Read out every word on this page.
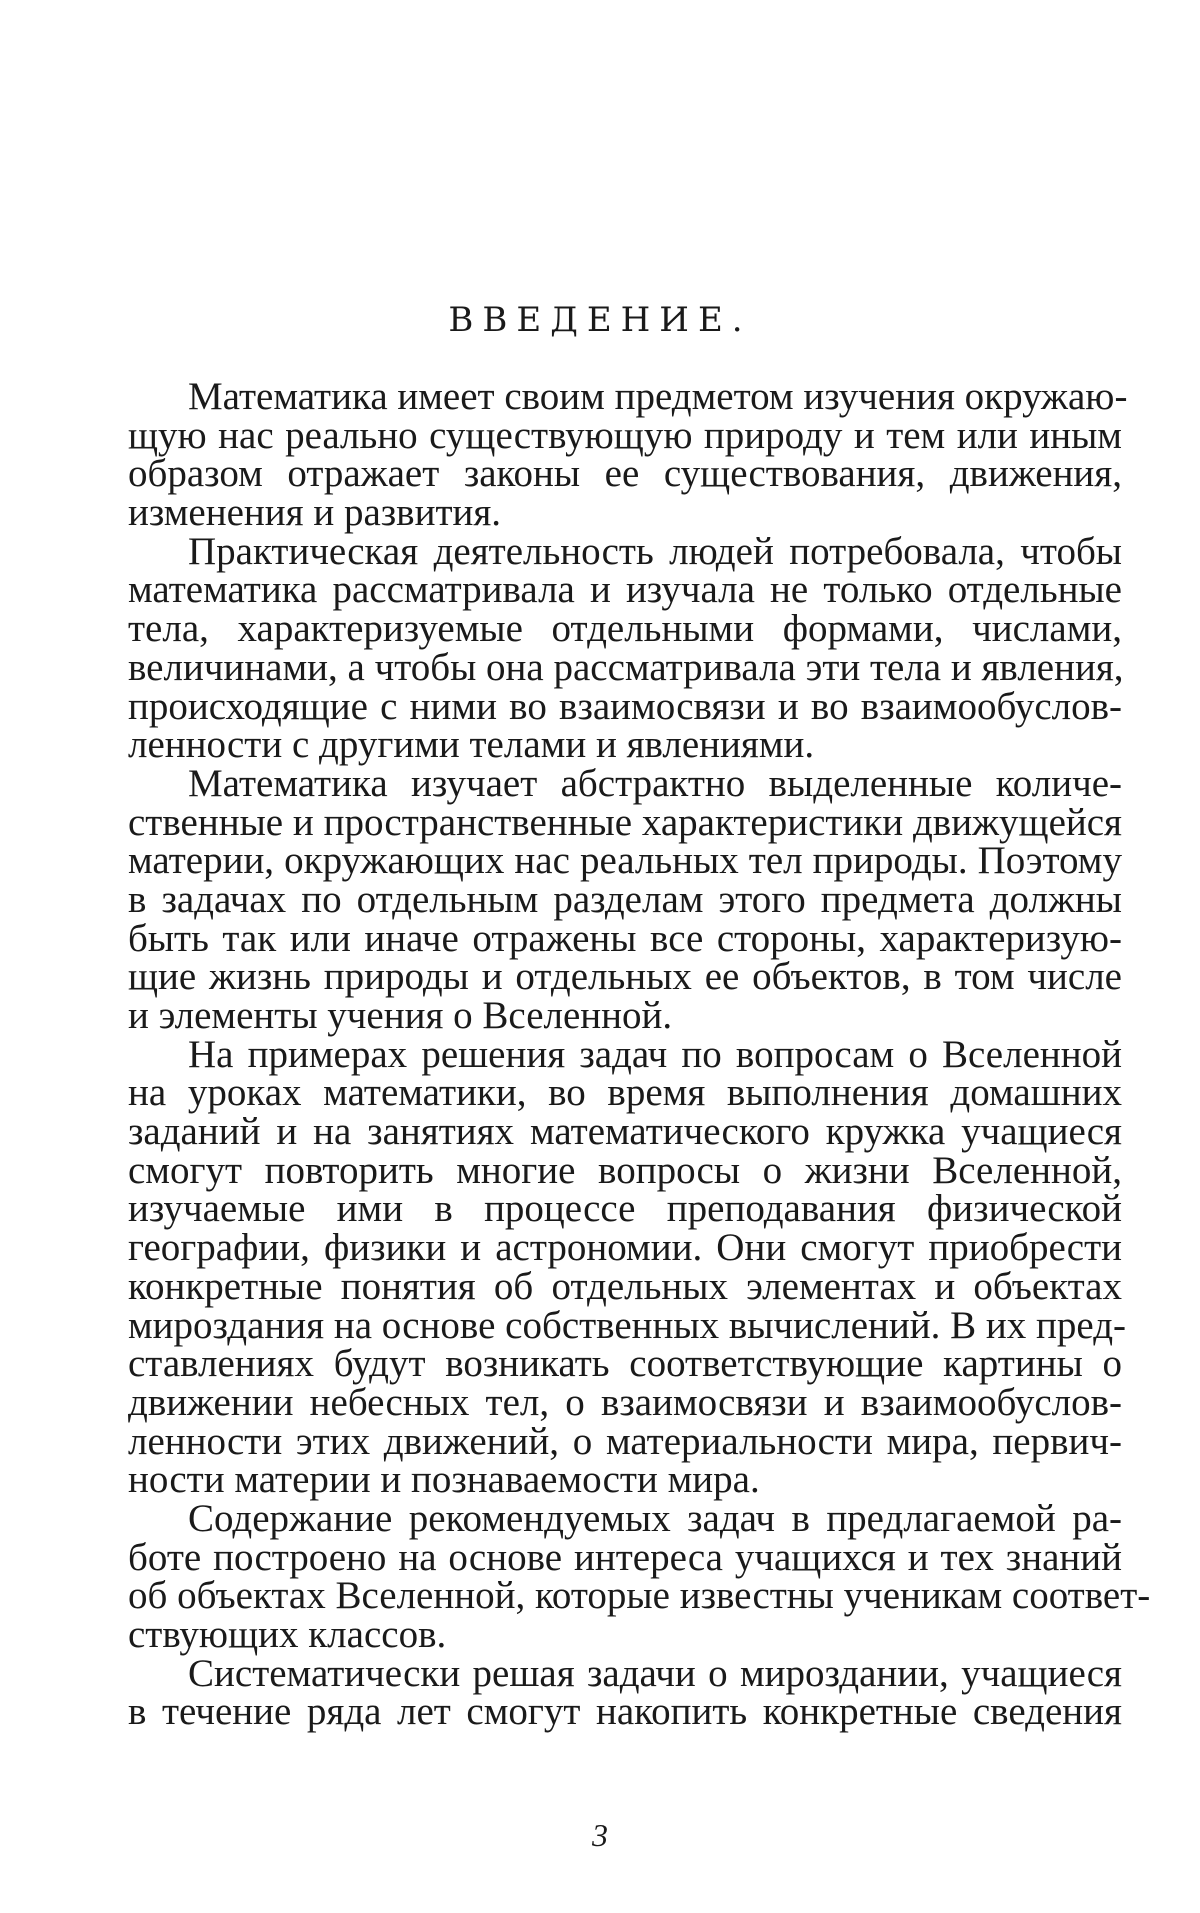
ВВЕДЕНИЕ.
Математика имеет своим предметом изучения окружаю-
щую нас реально существующую природу и тем или иным
образом отражает законы ее существования, движения,
изменения и развития.
Практическая деятельность людей потребовала, чтобы
математика рассматривала и изучала не только отдельные
тела, характеризуемые отдельными формами, числами,
величинами, а чтобы она рассматривала эти тела и явления,
происходящие с ними во взаимосвязи и во взаимообуслов-
ленности с другими телами и явлениями.
Математика изучает абстрактно выделенные количе-
ственные и пространственные характеристики движущейся
материи, окружающих нас реальных тел природы. Поэтому
в задачах по отдельным разделам этого предмета должны
быть так или иначе отражены все стороны, характеризую-
щие жизнь природы и отдельных ее объектов, в том числе
и элементы учения о Вселенной.
На примерах решения задач по вопросам о Вселенной
на уроках математики, во время выполнения домашних
заданий и на занятиях математического кружка учащиеся
смогут повторить многие вопросы о жизни Вселенной,
изучаемые ими в процессе преподавания физической
географии, физики и астрономии. Они смогут приобрести
конкретные понятия об отдельных элементах и объектах
мироздания на основе собственных вычислений. В их пред-
ставлениях будут возникать соответствующие картины о
движении небесных тел, о взаимосвязи и взаимообуслов-
ленности этих движений, о материальности мира, первич-
ности материи и познаваемости мира.
Содержание рекомендуемых задач в предлагаемой ра-
боте построено на основе интереса учащихся и тех знаний
об объектах Вселенной, которые известны ученикам соответ-
ствующих классов.
Систематически решая задачи о мироздании, учащиеся
в течение ряда лет смогут накопить конкретные сведения
3
